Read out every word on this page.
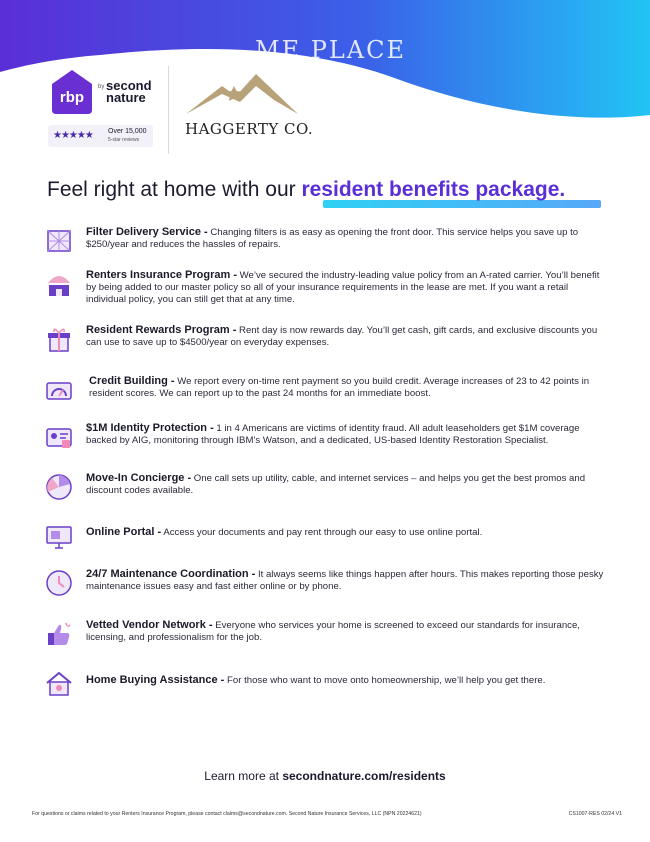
ME PLACE
rbp
by second nature
★★★★★ Over 15,000
5-star reviews
HAGGERTY CO.
Feel right at home with our resident benefits package.
Filter Delivery Service - Changing filters is as easy as opening the front door. This service helps you save up to $250/year and reduces the hassles of repairs.
Renters Insurance Program - We’ve secured the industry-leading value policy from an A-rated carrier. You’ll benefit by being added to our master policy so all of your insurance requirements in the lease are met. If you want a retail individual policy, you can still get that at any time.
Resident Rewards Program - Rent day is now rewards day. You’ll get cash, gift cards, and exclusive discounts you can use to save up to $4500/year on everyday expenses.
Credit Building - We report every on-time rent payment so you build credit. Average increases of 23 to 42 points in resident scores. We can report up to the past 24 months for an immediate boost.
$1M Identity Protection - 1 in 4 Americans are victims of identity fraud. All adult leaseholders get $1M coverage backed by AIG, monitoring through IBM’s Watson, and a dedicated, US-based Identity Restoration Specialist.
Move-In Concierge - One call sets up utility, cable, and internet services – and helps you get the best promos and discount codes available.
Online Portal - Access your documents and pay rent through our easy to use online portal.
24/7 Maintenance Coordination - It always seems like things happen after hours. This makes reporting those pesky maintenance issues easy and fast either online or by phone.
Vetted Vendor Network - Everyone who services your home is screened to exceed our standards for insurance, licensing, and professionalism for the job.
Home Buying Assistance - For those who want to move onto homeownership, we’ll help you get there.
Learn more at secondnature.com/residents
For questions or claims related to your Renters Insurance Program, please contact claims@secondnature.com. Second Nature Insurance Services, LLC (NPN 20224621)	CS1007-RES 02/24 V1
